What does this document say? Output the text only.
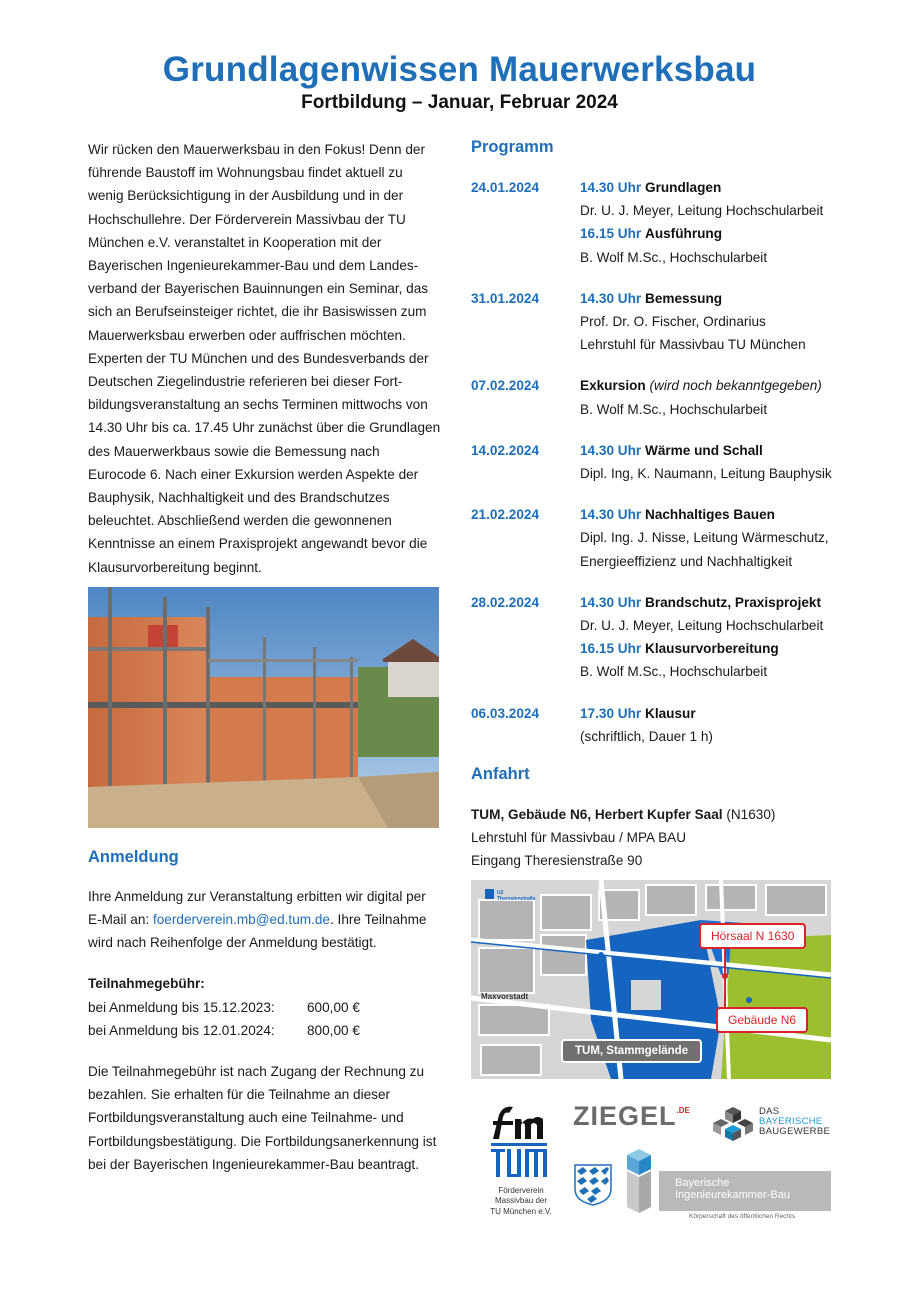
Grundlagenwissen Mauerwerksbau
Fortbildung – Januar, Februar 2024
Wir rücken den Mauerwerksbau in den Fokus! Denn der
führende Baustoff im Wohnungsbau findet aktuell zu
wenig Berücksichtigung in der Ausbildung und in der
Hochschullehre. Der Förderverein Massivbau der TU
München e.V. veranstaltet in Kooperation mit der
Bayerischen Ingenieurekammer-Bau und dem Landes-
verband der Bayerischen Bauinnungen ein Seminar, das
sich an Berufseinsteiger richtet, die ihr Basiswissen zum
Mauerwerksbau erwerben oder auffrischen möchten.
Experten der TU München und des Bundesverbands der
Deutschen Ziegelindustrie referieren bei dieser Fort-
bildungsveranstaltung an sechs Terminen mittwochs von
14.30 Uhr bis ca. 17.45 Uhr zunächst über die Grundlagen
des Mauerwerkbaus sowie die Bemessung nach
Eurocode 6. Nach einer Exkursion werden Aspekte der
Bauphysik, Nachhaltigkeit und des Brandschutzes
beleuchtet. Abschließend werden die gewonnenen
Kenntnisse an einem Praxisprojekt angewandt bevor die
Klausurvorbereitung beginnt.
Anmeldung
Ihre Anmeldung zur Veranstaltung erbitten wir digital per
E-Mail an: foerderverein.mb@ed.tum.de. Ihre Teilnahme
wird nach Reihenfolge der Anmeldung bestätigt.
Teilnahmegebühr:
bei Anmeldung bis 15.12.2023:	600,00 €
bei Anmeldung bis 12.01.2024:	800,00 €
Die Teilnahmegebühr ist nach Zugang der Rechnung zu
bezahlen. Sie erhalten für die Teilnahme an dieser
Fortbildungsveranstaltung auch eine Teilnahme- und
Fortbildungsbestätigung. Die Fortbildungsanerkennung ist
bei der Bayerischen Ingenieurekammer-Bau beantragt.
Programm
24.01.2024	14.30 Uhr Grundlagen
Dr. U. J. Meyer, Leitung Hochschularbeit
16.15 Uhr Ausführung
B. Wolf M.Sc., Hochschularbeit
31.01.2024	14.30 Uhr Bemessung
Prof. Dr. O. Fischer, Ordinarius
Lehrstuhl für Massivbau TU München
07.02.2024	Exkursion (wird noch bekanntgegeben)
B. Wolf M.Sc., Hochschularbeit
14.02.2024	14.30 Uhr Wärme und Schall
Dipl. Ing, K. Naumann, Leitung Bauphysik
21.02.2024	14.30 Uhr Nachhaltiges Bauen
Dipl. Ing. J. Nisse, Leitung Wärmeschutz,
Energieeffizienz und Nachhaltigkeit
28.02.2024	14.30 Uhr Brandschutz, Praxisprojekt
Dr. U. J. Meyer, Leitung Hochschularbeit
16.15 Uhr Klausurvorbereitung
B. Wolf M.Sc., Hochschularbeit
06.03.2024	17.30 Uhr Klausur
(schriftlich, Dauer 1 h)
Anfahrt
TUM, Gebäude N6, Herbert Kupfer Saal (N1630)
Lehrstuhl für Massivbau / MPA BAU
Eingang Theresienstraße 90
Hörsaal N 1630
Gebäude N6
TUM, Stammgelände
Maxvorstadt
U2 Theresienstraße
Förderverein
Massivbau der
TU München e.V.
$ZIEGEL^{.DE}$	DAS
BAYERISCHE
BAUGEWERBE
Bayerische
Ingenieurekammer-Bau
Körperschaft des öffentlichen Rechts
